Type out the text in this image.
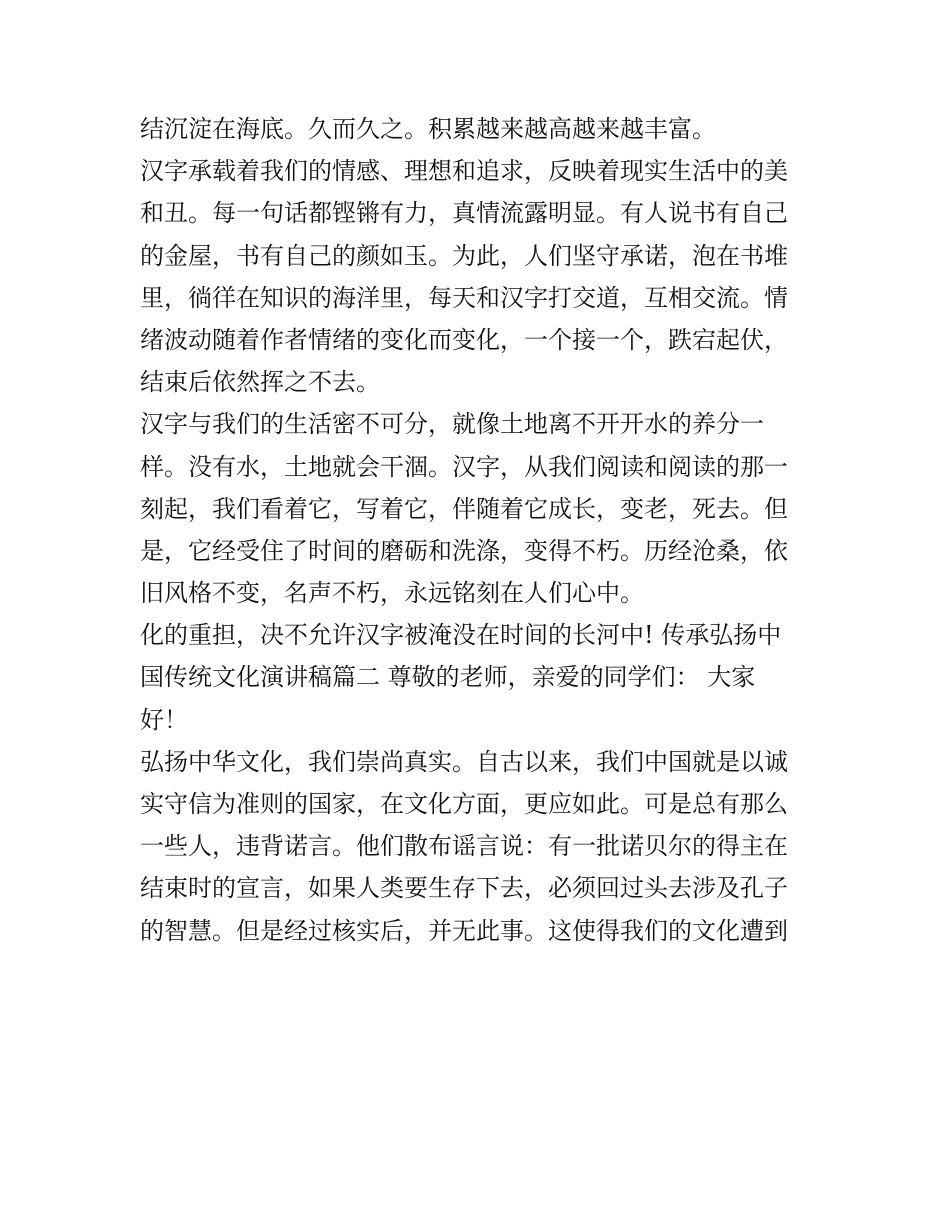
结沉淀在海底。久而久之。积累越来越高越来越丰富。
汉字承载着我们的情感、理想和追求，反映着现实生活中的美
和丑。每一句话都铿锵有力，真情流露明显。有人说书有自己
的金屋，书有自己的颜如玉。为此，人们坚守承诺，泡在书堆
里，徜徉在知识的海洋里，每天和汉字打交道，互相交流。情
绪波动随着作者情绪的变化而变化，一个接一个，跌宕起伏，
结束后依然挥之不去。
汉字与我们的生活密不可分，就像土地离不开开水的养分一
样。没有水，土地就会干涸。汉字，从我们阅读和阅读的那一
刻起，我们看着它，写着它，伴随着它成长，变老，死去。但
是，它经受住了时间的磨砺和洗涤，变得不朽。历经沧桑，依
旧风格不变，名声不朽，永远铭刻在人们心中。
化的重担，决不允许汉字被淹没在时间的长河中! 传承弘扬中
国传统文化演讲稿篇二 尊敬的老师，亲爱的同学们： 大家
好！
弘扬中华文化，我们崇尚真实。自古以来，我们中国就是以诚
实守信为准则的国家，在文化方面，更应如此。可是总有那么
一些人，违背诺言。他们散布谣言说：有一批诺贝尔的得主在
结束时的宣言，如果人类要生存下去，必须回过头去涉及孔子
的智慧。但是经过核实后，并无此事。这使得我们的文化遭到
